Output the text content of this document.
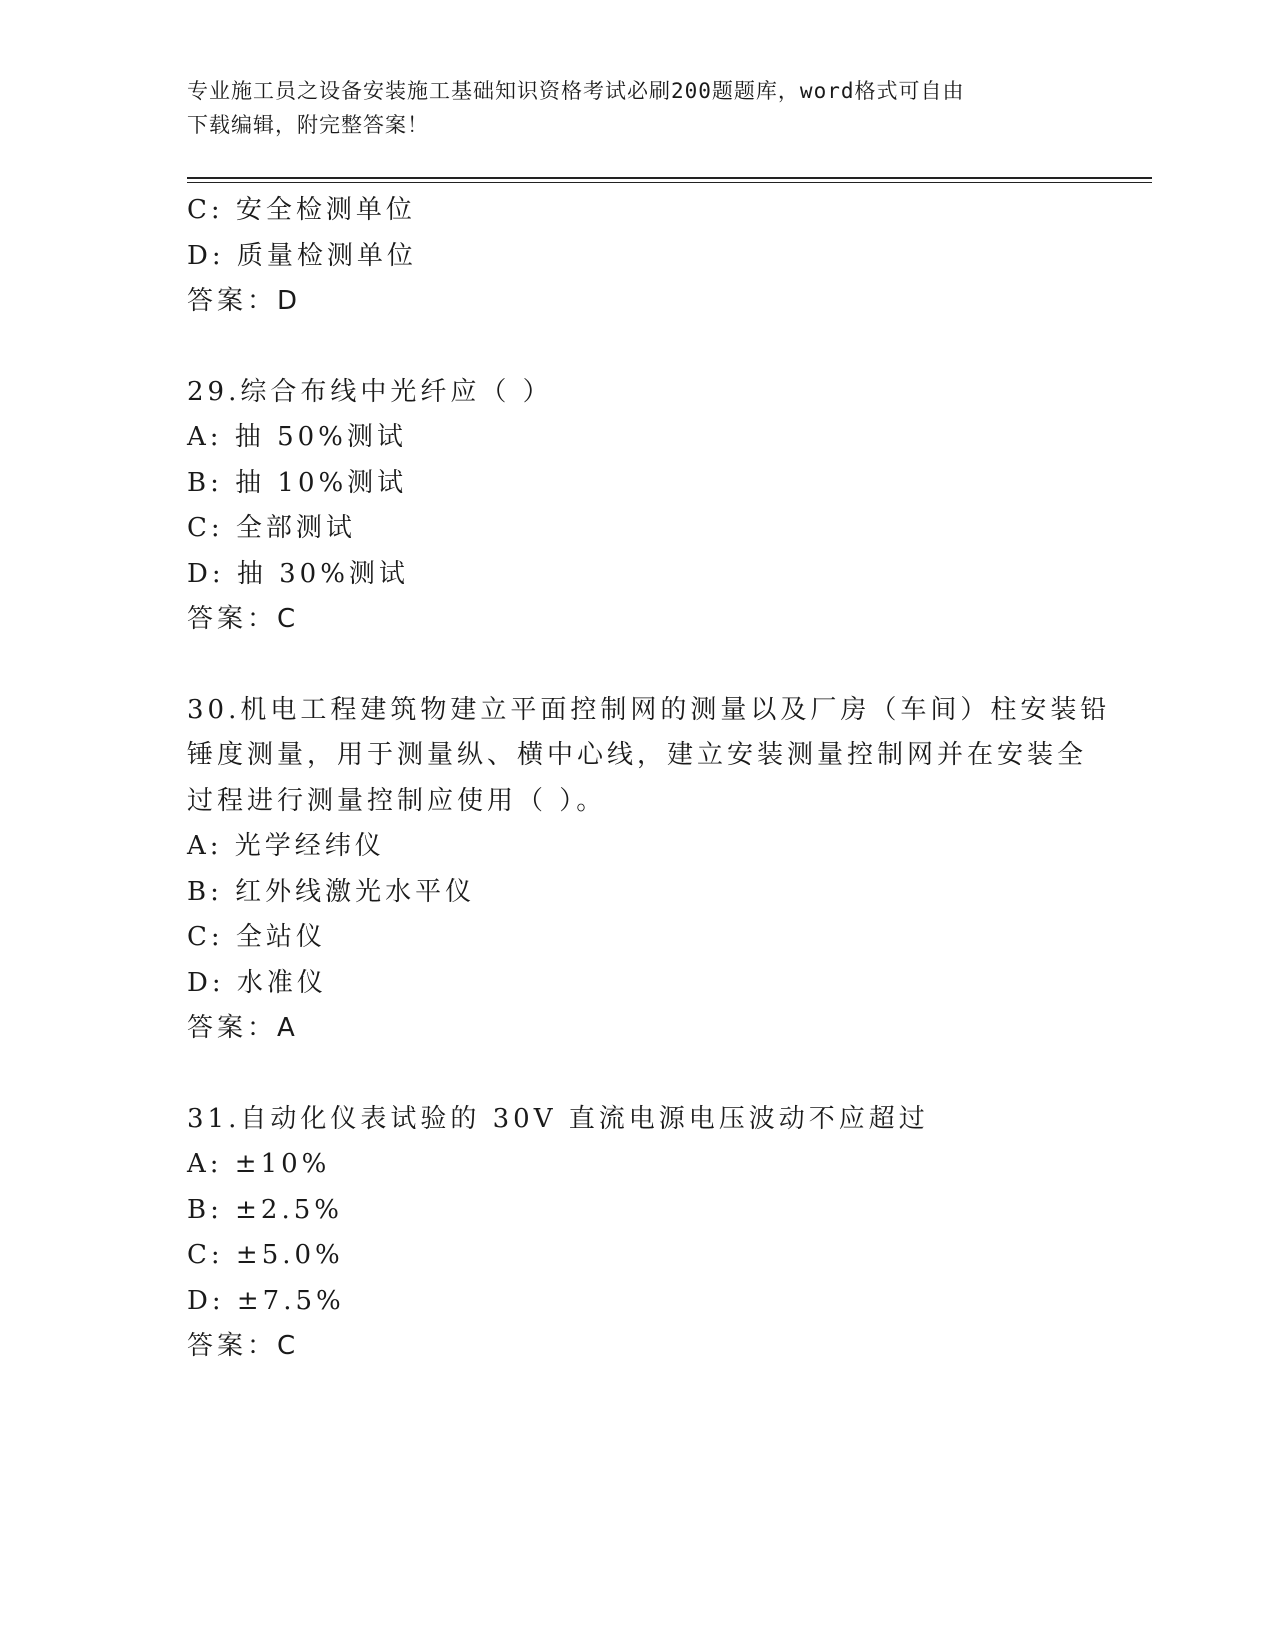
专业施工员之设备安装施工基础知识资格考试必刷200题题库，word格式可自由
下载编辑，附完整答案！
C: 安全检测单位
D: 质量检测单位
答案：D
29.综合布线中光纤应（ ）
A: 抽 50%测试
B: 抽 10%测试
C: 全部测试
D: 抽 30%测试
答案：C
30.机电工程建筑物建立平面控制网的测量以及厂房（车间）柱安装铅
锤度测量，用于测量纵、横中心线，建立安装测量控制网并在安装全
过程进行测量控制应使用（ ）。
A: 光学经纬仪
B: 红外线激光水平仪
C: 全站仪
D: 水准仪
答案：A
31.自动化仪表试验的 30V 直流电源电压波动不应超过
A: ±10%
B: ±2.5%
C: ±5.0%
D: ±7.5%
答案：C
